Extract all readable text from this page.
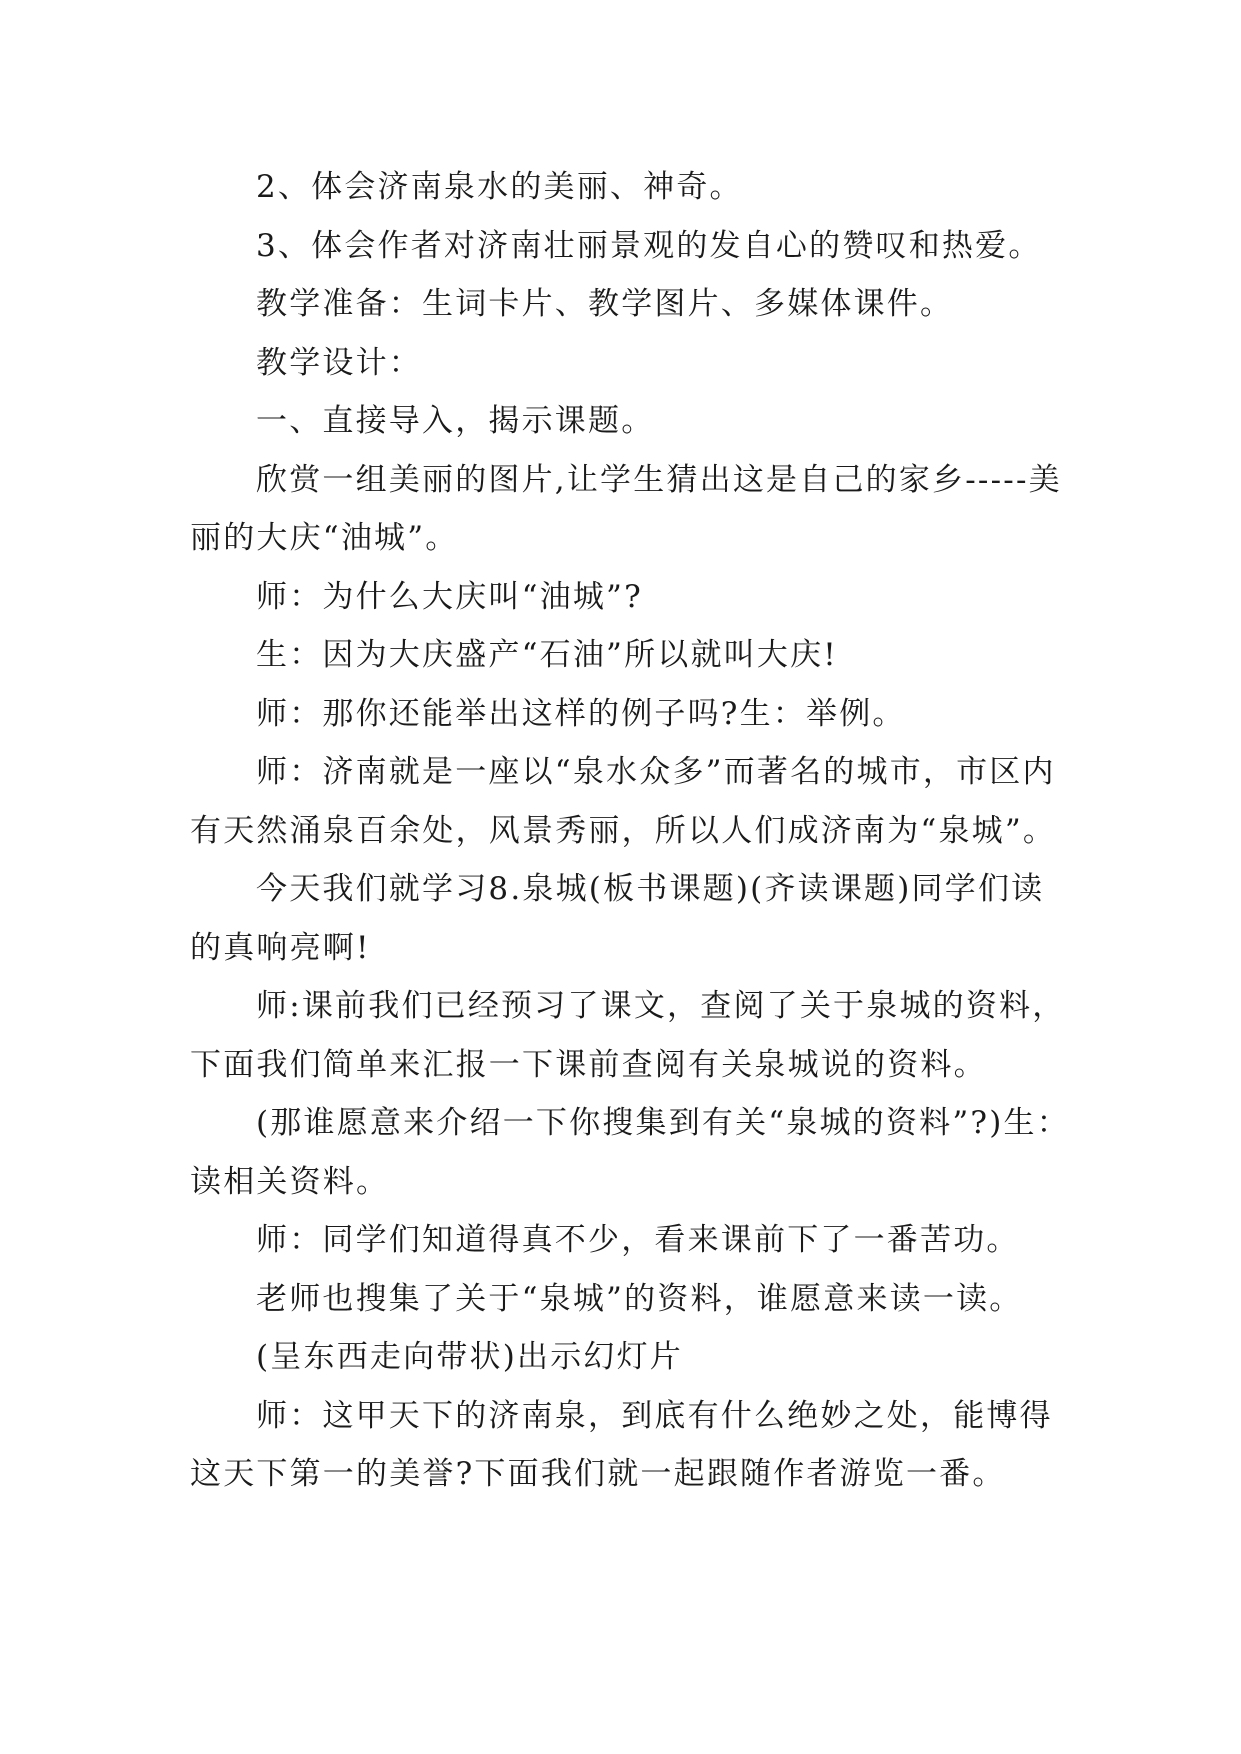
2、体会济南泉水的美丽、神奇。

3、体会作者对济南壮丽景观的发自心的赞叹和热爱。

教学准备：生词卡片、教学图片、多媒体课件。

教学设计：

一、直接导入，揭示课题。

欣赏一组美丽的图片,让学生猜出这是自己的家乡-----美丽的大庆“油城”。

师：为什么大庆叫“油城”?

生：因为大庆盛产“石油”所以就叫大庆!

师：那你还能举出这样的例子吗?生：举例。

师：济南就是一座以“泉水众多”而著名的城市，市区内有天然涌泉百余处，风景秀丽，所以人们成济南为“泉城”。

今天我们就学习8.泉城(板书课题)(齐读课题)同学们读的真响亮啊!

师:课前我们已经预习了课文，查阅了关于泉城的资料，下面我们简单来汇报一下课前查阅有关泉城说的资料。

(那谁愿意来介绍一下你搜集到有关“泉城的资料”?)生：读相关资料。

师：同学们知道得真不少，看来课前下了一番苦功。

老师也搜集了关于“泉城”的资料，谁愿意来读一读。

(呈东西走向带状)出示幻灯片

师：这甲天下的济南泉，到底有什么绝妙之处，能博得这天下第一的美誉?下面我们就一起跟随作者游览一番。
